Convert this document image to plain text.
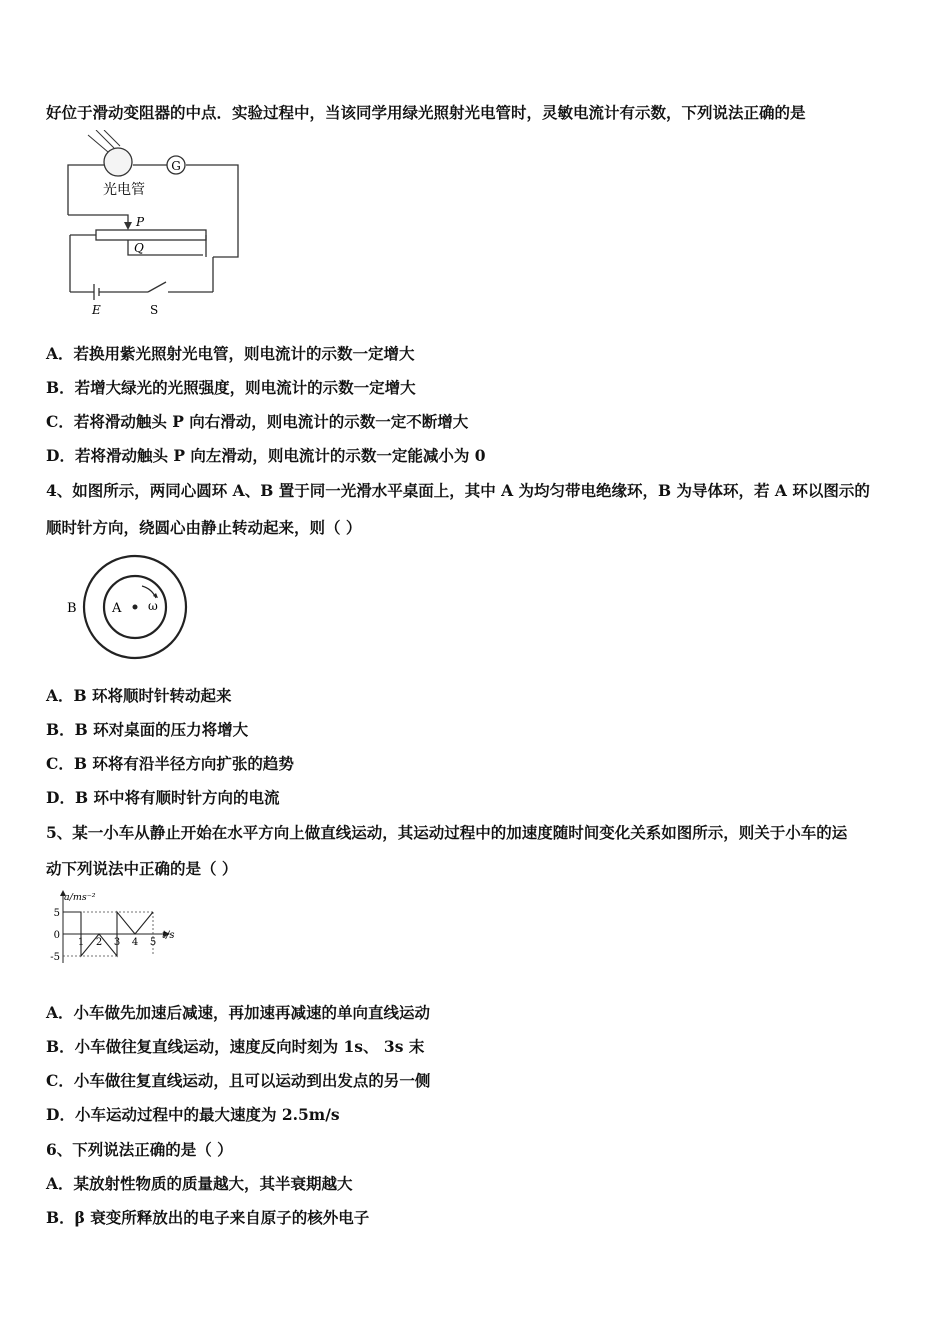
好位于滑动变阻器的中点．实验过程中，当该同学用绿光照射光电管时，灵敏电流计有示数，下列说法正确的是
G
光电管
P
Q
E	S
A．若换用紫光照射光电管，则电流计的示数一定增大
B．若增大绿光的光照强度，则电流计的示数一定增大
C．若将滑动触头 P 向右滑动，则电流计的示数一定不断增大
D．若将滑动触头 P 向左滑动，则电流计的示数一定能减小为 0
4、如图所示，两同心圆环 A、B 置于同一光滑水平桌面上，其中 A 为均匀带电绝缘环，B 为导体环，若 A 环以图示的
顺时针方向，绕圆心由静止转动起来，则（ ）
B	A ω
A．B 环将顺时针转动起来
B．B 环对桌面的压力将增大
C．B 环将有沿半径方向扩张的趋势
D．B 环中将有顺时针方向的电流
5、某一小车从静止开始在水平方向上做直线运动，其运动过程中的加速度随时间变化关系如图所示，则关于小车的运
动下列说法中正确的是（ ）
5
0
-5
1 2 3 4 5
a/ms⁻²
t/s
A．小车做先加速后减速，再加速再减速的单向直线运动
B．小车做往复直线运动，速度反向时刻为 1s、 3s 末
C．小车做往复直线运动，且可以运动到出发点的另一侧
D．小车运动过程中的最大速度为 2.5m/s
6、下列说法正确的是（ ）
A．某放射性物质的质量越大，其半衰期越大
B．β 衰变所释放出的电子来自原子的核外电子
